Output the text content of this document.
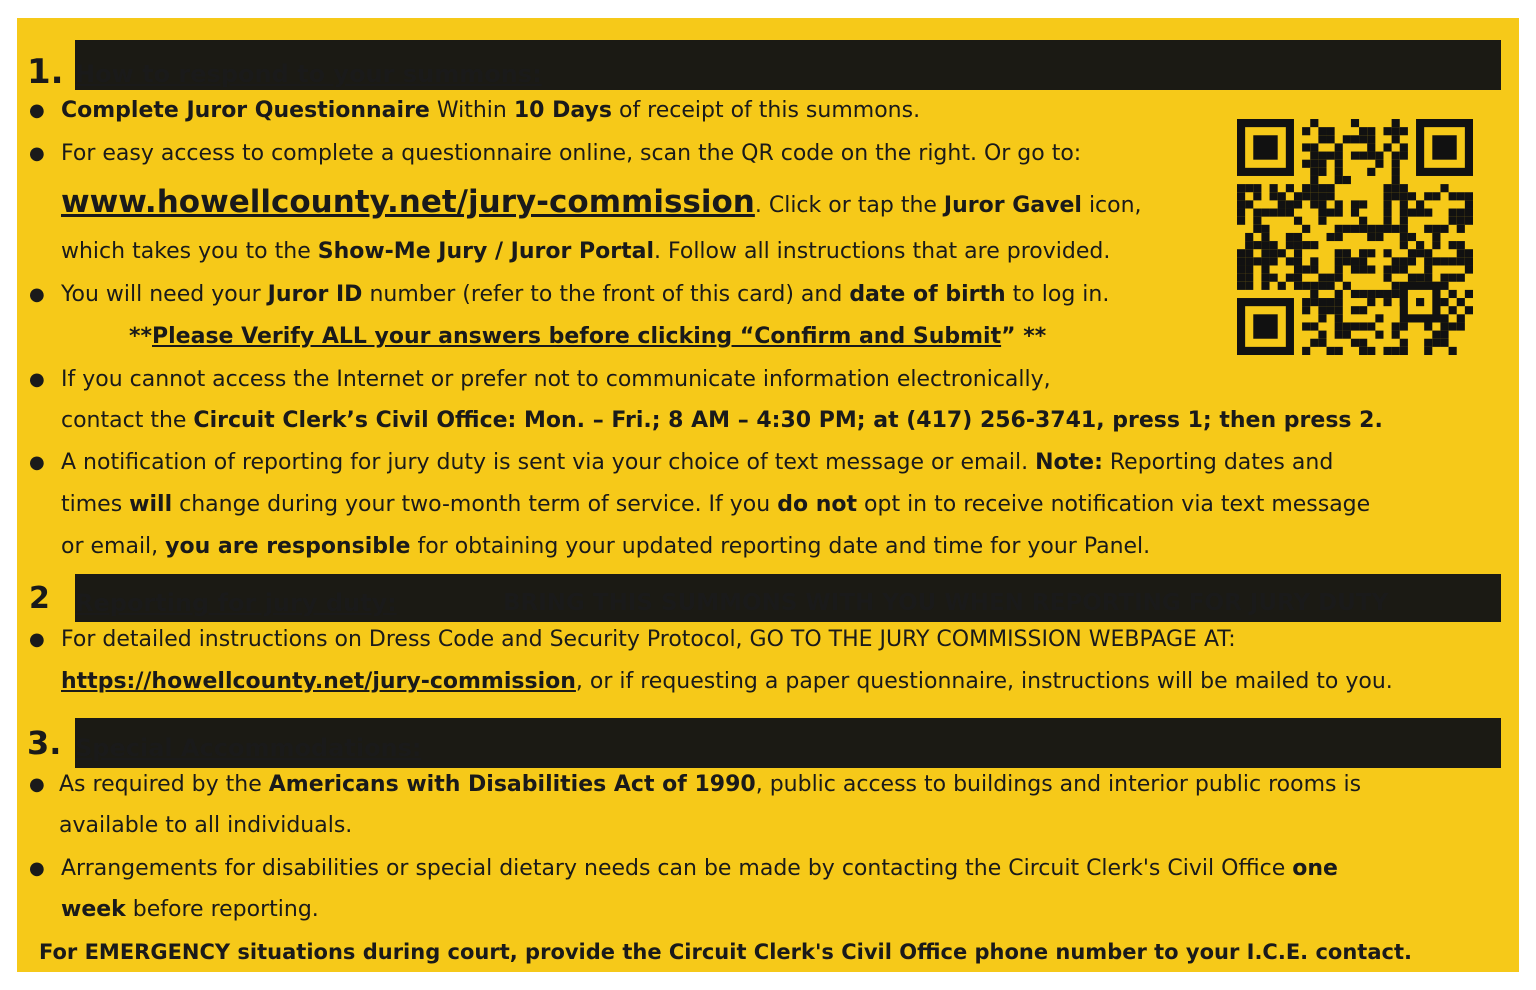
1. How to respond to your summons:
● Complete Juror Questionnaire Within 10 Days of receipt of this summons.
● For easy access to complete a questionnaire online, scan the QR code on the right. Or go to:
www.howellcounty.net/jury-commission. Click or tap the Juror Gavel icon,
which takes you to the Show-Me Jury / Juror Portal. Follow all instructions that are provided.
● You will need your Juror ID number (refer to the front of this card) and date of birth to log in.
**Please Verify ALL your answers before clicking “Confirm and Submit” **
● If you cannot access the Internet or prefer not to communicate information electronically,
contact the Circuit Clerk’s Civil Office: Mon. – Fri.; 8 AM – 4:30 PM; at (417) 256-3741, press 1; then press 2.
● A notification of reporting for jury duty is sent via your choice of text message or email. Note: Reporting dates and
times will change during your two-month term of service. If you do not opt in to receive notification via text message
or email, you are responsible for obtaining your updated reporting date and time for your Panel.
2 Reporting for jury duty:	BRING THIS SUMMONS WITH YOU WHEN REPORTING FOR JURY DUTY
● For detailed instructions on Dress Code and Security Protocol, GO TO THE JURY COMMISSION WEBPAGE AT:
https://howellcounty.net/jury-commission, or if requesting a paper questionnaire, instructions will be mailed to you.
3. Special Accommodations:
● As required by the Americans with Disabilities Act of 1990, public access to buildings and interior public rooms is
available to all individuals.
● Arrangements for disabilities or special dietary needs can be made by contacting the Circuit Clerk's Civil Office one
week before reporting.
For EMERGENCY situations during court, provide the Circuit Clerk's Civil Office phone number to your I.C.E. contact.
